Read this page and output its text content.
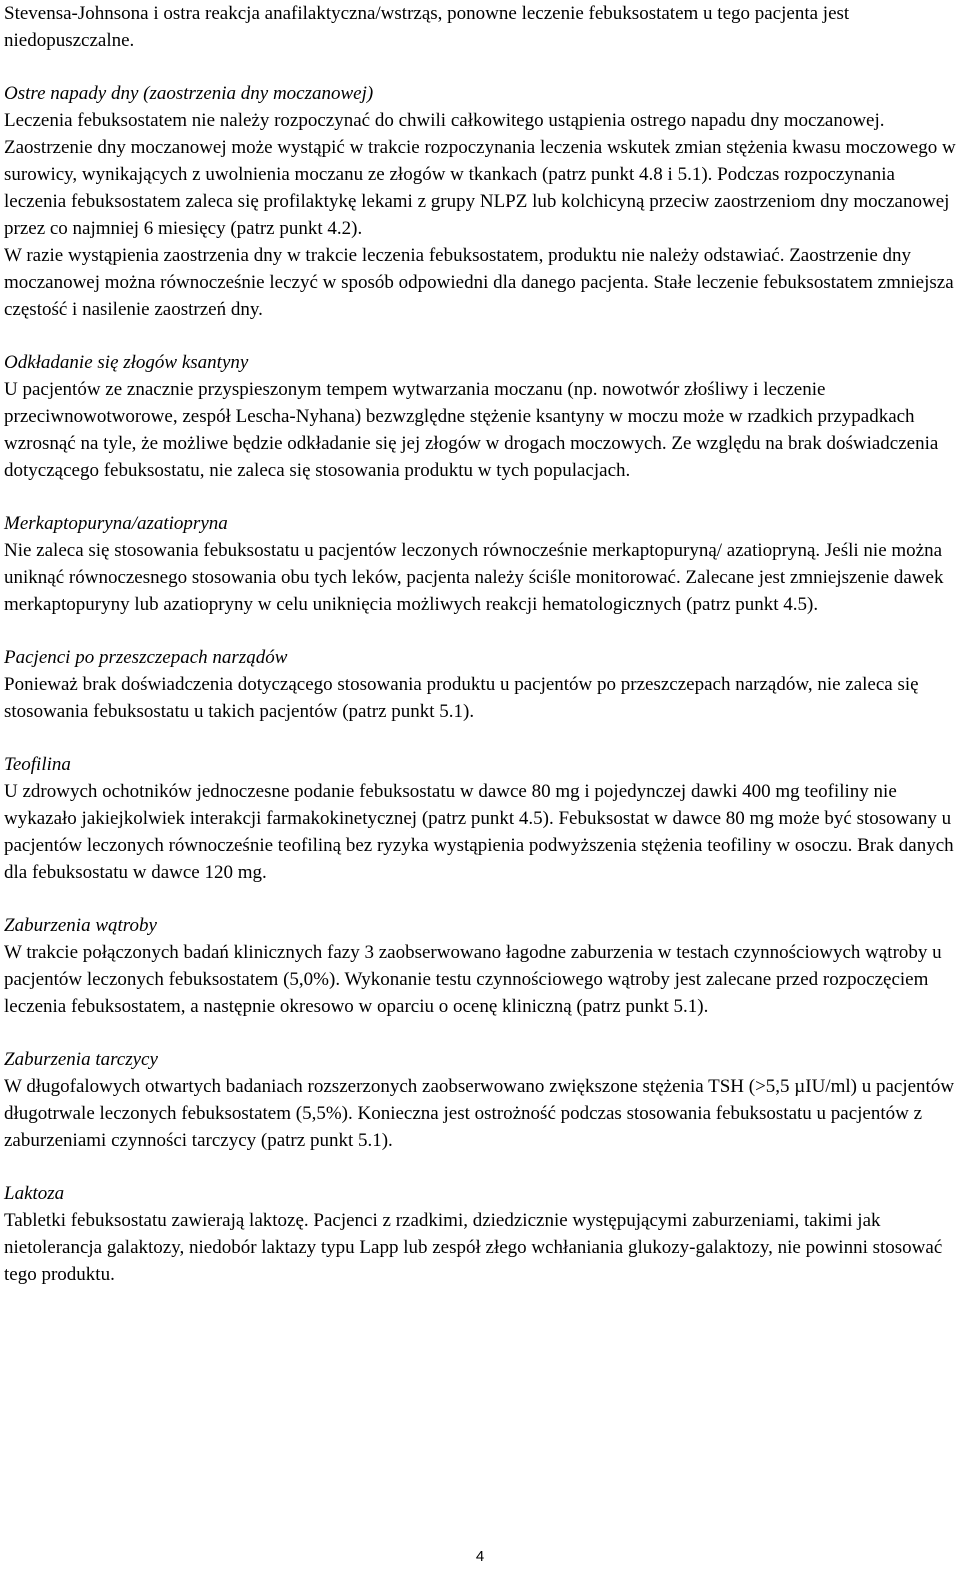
Stevensa-Johnsona i ostra reakcja anafilaktyczna/wstrząs, ponowne leczenie febuksostatem u tego pacjenta jest niedopuszczalne.

Ostre napady dny (zaostrzenia dny moczanowej)

Leczenia febuksostatem nie należy rozpoczynać do chwili całkowitego ustąpienia ostrego napadu dny moczanowej. Zaostrzenie dny moczanowej może wystąpić w trakcie rozpoczynania leczenia wskutek zmian stężenia kwasu moczowego w surowicy, wynikających z uwolnienia moczanu ze złogów w tkankach (patrz punkt 4.8 i 5.1). Podczas rozpoczynania leczenia febuksostatem zaleca się profilaktykę lekami z grupy NLPZ lub kolchicyną przeciw zaostrzeniom dny moczanowej przez co najmniej 6 miesięcy (patrz punkt 4.2).

W razie wystąpienia zaostrzenia dny w trakcie leczenia febuksostatem, produktu nie należy odstawiać. Zaostrzenie dny moczanowej można równocześnie leczyć w sposób odpowiedni dla danego pacjenta. Stałe leczenie febuksostatem zmniejsza częstość i nasilenie zaostrzeń dny.

Odkładanie się złogów ksantyny

U pacjentów ze znacznie przyspieszonym tempem wytwarzania moczanu (np. nowotwór złośliwy i leczenie przeciwnowotworowe, zespół Lescha-Nyhana) bezwzględne stężenie ksantyny w moczu może w rzadkich przypadkach wzrosnąć na tyle, że możliwe będzie odkładanie się jej złogów w drogach moczowych. Ze względu na brak doświadczenia dotyczącego febuksostatu, nie zaleca się stosowania produktu w tych populacjach.

Merkaptopuryna/azatiopryna

Nie zaleca się stosowania febuksostatu u pacjentów leczonych równocześnie merkaptopuryną/ azatiopryną. Jeśli nie można uniknąć równoczesnego stosowania obu tych leków, pacjenta należy ściśle monitorować. Zalecane jest zmniejszenie dawek merkaptopuryny lub azatiopryny w celu uniknięcia możliwych reakcji hematologicznych (patrz punkt 4.5).

Pacjenci po przeszczepach narządów

Ponieważ brak doświadczenia dotyczącego stosowania produktu u pacjentów po przeszczepach narządów, nie zaleca się stosowania febuksostatu u takich pacjentów (patrz punkt 5.1).

Teofilina

U zdrowych ochotników jednoczesne podanie febuksostatu w dawce 80 mg i pojedynczej dawki 400 mg teofiliny nie wykazało jakiejkolwiek interakcji farmakokinetycznej (patrz punkt 4.5). Febuksostat w dawce 80 mg może być stosowany u pacjentów leczonych równocześnie teofiliną bez ryzyka wystąpienia podwyższenia stężenia teofiliny w osoczu. Brak danych dla febuksostatu w dawce 120 mg.

Zaburzenia wątroby

W trakcie połączonych badań klinicznych fazy 3 zaobserwowano łagodne zaburzenia w testach czynnościowych wątroby u pacjentów leczonych febuksostatem (5,0%). Wykonanie testu czynnościowego wątroby jest zalecane przed rozpoczęciem leczenia febuksostatem, a następnie okresowo w oparciu o ocenę kliniczną (patrz punkt 5.1).

Zaburzenia tarczycy

W długofalowych otwartych badaniach rozszerzonych zaobserwowano zwiększone stężenia TSH (>5,5 µIU/ml) u pacjentów długotrwale leczonych febuksostatem (5,5%). Konieczna jest ostrożność podczas stosowania febuksostatu u pacjentów z zaburzeniami czynności tarczycy (patrz punkt 5.1).

Laktoza

Tabletki febuksostatu zawierają laktozę. Pacjenci z rzadkimi, dziedzicznie występującymi zaburzeniami, takimi jak nietolerancja galaktozy, niedobór laktazy typu Lapp lub zespół złego wchłaniania glukozy-galaktozy, nie powinni stosować tego produktu.

4
